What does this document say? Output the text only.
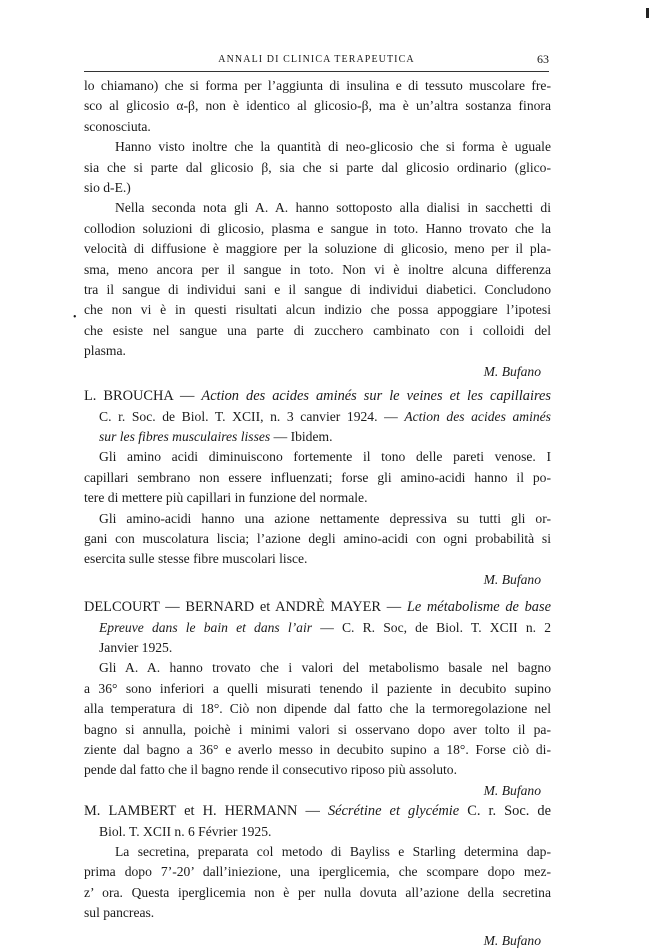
ANNALI DI CLINICA TERAPEUTICA	63
•
lo chiamano) che si forma per l’aggiunta di insulina e di tessuto muscolare fre-
sco al glicosio α-β, non è identico al glicosio-β, ma è un’altra sostanza finora
sconosciuta.
Hanno visto inoltre che la quantità di neo-glicosio che si forma è uguale
sia che si parte dal glicosio β, sia che si parte dal glicosio ordinario (glico-
sio d-E.)
Nella seconda nota gli A. A. hanno sottoposto alla dialisi in sacchetti di
collodion soluzioni di glicosio, plasma e sangue in toto. Hanno trovato che la
velocità di diffusione è maggiore per la soluzione di glicosio, meno per il pla-
sma, meno ancora per il sangue in toto. Non vi è inoltre alcuna differenza
tra il sangue di individui sani e il sangue di individui diabetici. Concludono
che non vi è in questi risultati alcun indizio che possa appoggiare l’ipotesi
che esiste nel sangue una parte di zucchero cambinato con i colloidi del
plasma.
M. Bufano
L. BROUCHA — Action des acides aminés sur le veines et les capillaires
C. r. Soc. de Biol. T. XCII, n. 3 canvier 1924. — Action des acides aminés
sur les fibres musculaires lisses — Ibidem.
Gli amino acidi diminuiscono fortemente il tono delle pareti venose. I
capillari sembrano non essere influenzati; forse gli amino-acidi hanno il po-
tere di mettere più capillari in funzione del normale.
Gli amino-acidi hanno una azione nettamente depressiva su tutti gli or-
gani con muscolatura liscia; l’azione degli amino-acidi con ogni probabilità si
esercita sulle stesse fibre muscolari lisce.
M. Bufano
DELCOURT — BERNARD et ANDRÈ MAYER — Le métabolisme de base
Epreuve dans le bain et dans l’air — C. R. Soc, de Biol. T. XCII n. 2
Janvier 1925.
Gli A. A. hanno trovato che i valori del metabolismo basale nel bagno
a 36° sono inferiori a quelli misurati tenendo il paziente in decubito supino
alla temperatura di 18°. Ciò non dipende dal fatto che la termoregolazione nel
bagno si annulla, poichè i minimi valori si osservano dopo aver tolto il pa-
ziente dal bagno a 36° e averlo messo in decubito supino a 18°. Forse ciò di-
pende dal fatto che il bagno rende il consecutivo riposo più assoluto.
M. Bufano
M. LAMBERT et H. HERMANN — Sécrétine et glycémie C. r. Soc. de
Biol. T. XCII n. 6 Février 1925.
La secretina, preparata col metodo di Bayliss e Starling determina dap-
prima dopo 7’-20’ dall’iniezione, una iperglicemia, che scompare dopo mez-
z’ ora. Questa iperglicemia non è per nulla dovuta all’azione della secretina
sul pancreas.
M. Bufano
